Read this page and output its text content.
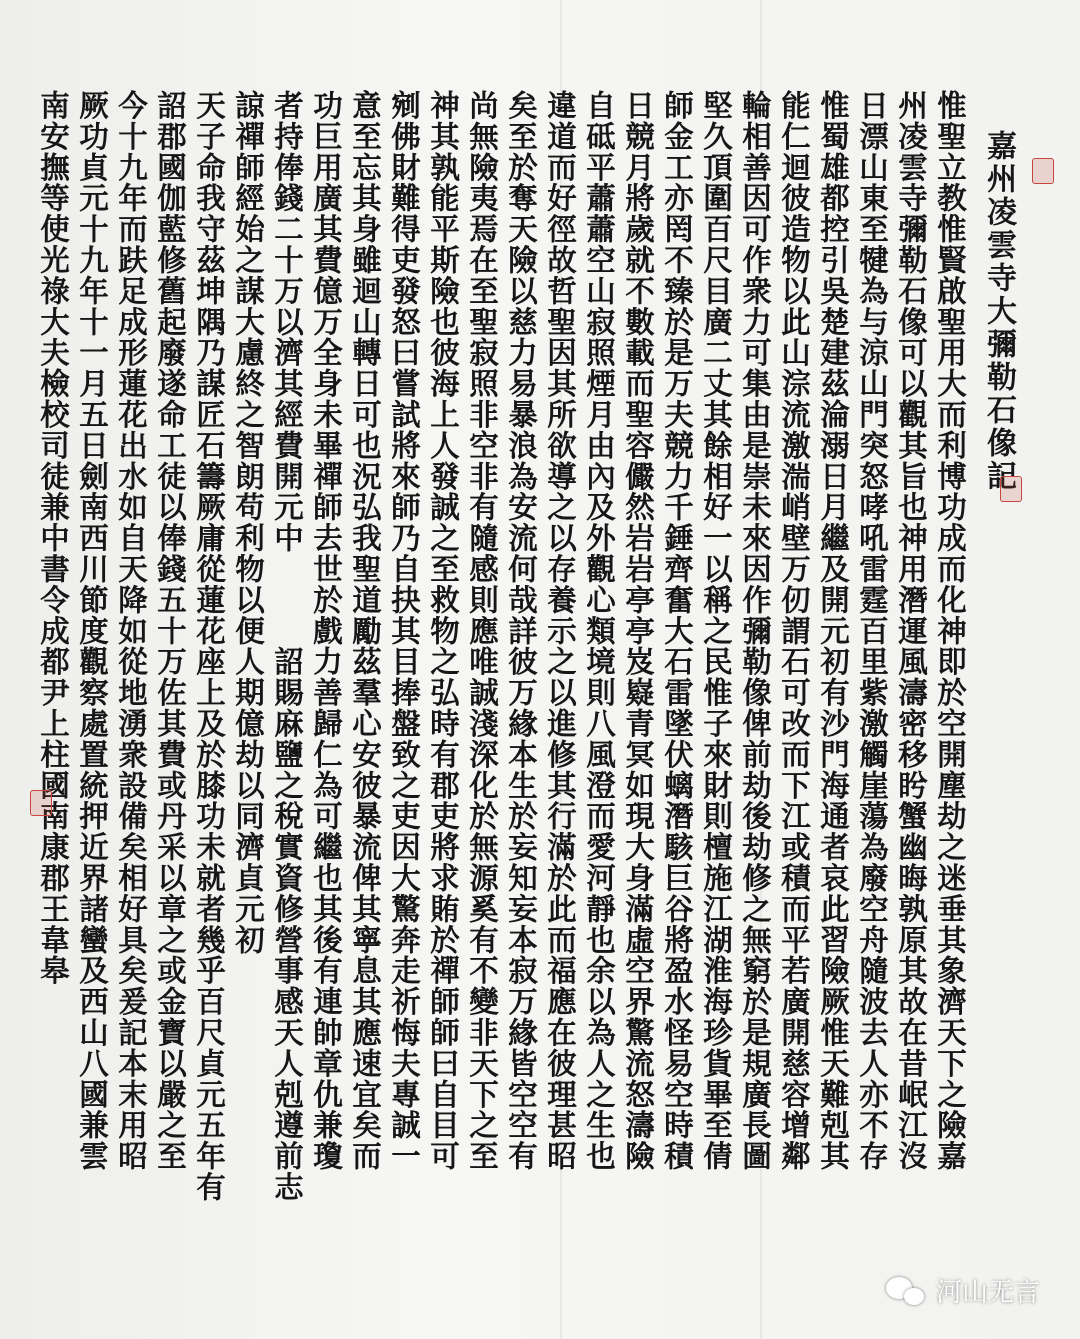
嘉州凌雲寺大彌勒石像記
惟聖立教惟賢啟聖用大而利博功成而化神即於空開塵劫之迷垂其象濟天下之險嘉
州凌雲寺彌勒石像可以觀其旨也神用潛運風濤密移盻蟹幽晦孰原其故在昔岷江沒
日漂山東至犍為与涼山門突怒哮吼雷霆百里紫激觸崖蕩為廢空舟隨波去人亦不存
惟蜀雄都控引吳楚建茲淪溺日月繼及開元初有沙門海通者哀此習險厥惟天難剋其
能仁迴彼造物以此山淙流激湍峭壁万仞謂石可改而下江或積而平若廣開慈容增鄰
輪相善因可作衆力可集由是崇未來因作彌勒像俾前劫後劫修之無窮於是規廣長圖
堅久頂圍百尺目廣二丈其餘相好一以稱之民惟子來財則檀施江湖淮海珍貨畢至倩
師金工亦罔不臻於是万夫競力千錘齊奮大石雷墜伏螭潛駭巨谷將盈水怪易空時積
日競月將歲就不數載而聖容儼然岩岩亭亭岌嶷青冥如現大身滿虛空界驚流怒濤險
自砥平蕭蕭空山寂照煙月由內及外觀心類境則八風澄而愛河靜也余以為人之生也
違道而好徑故哲聖因其所欲導之以存養示之以進修其行滿於此而福應在彼理甚昭
矣至於奪天險以慈力易暴浪為安流何哉詳彼万緣本生於妄知妄本寂万緣皆空空有
尚無險夷焉在至聖寂照非空非有隨感則應唯誠淺深化於無源奚有不變非天下之至
神其孰能平斯險也彼海上人發誠之至救物之弘時有郡吏將求賄於禪師師曰自目可
剜佛財難得吏發怒曰嘗試將來師乃自抉其目捧盤致之吏因大驚奔走祈悔夫專誠一
意至忘其身雖迴山轉日可也況弘我聖道勵茲羣心安彼暴流俾其寧息其應速宜矣而
功巨用廣其費億万全身未畢禪師去世於戲力善歸仁為可繼也其後有連帥章仇兼瓊
者持俸錢二十万以濟其經費開元中　　　詔賜麻鹽之稅實資修營事感天人剋遵前志
諒禪師經始之謀大慮終之智朗苟利物以便人期億劫以同濟貞元初
天子命我守茲坤隅乃謀匠石籌厥庸從蓮花座上及於膝功未就者幾乎百尺貞元五年有
詔郡國伽藍修舊起廢遂命工徒以俸錢五十万佐其費或丹采以章之或金寶以嚴之至
今十九年而趺足成形蓮花出水如自天降如從地湧衆設備矣相好具矣爰記本末用昭
厥功貞元十九年十一月五日劍南西川節度觀察處置統押近界諸蠻及西山八國兼雲
南安撫等使光祿大夫檢校司徒兼中書令成都尹上柱國南康郡王韋皋
河山无言
